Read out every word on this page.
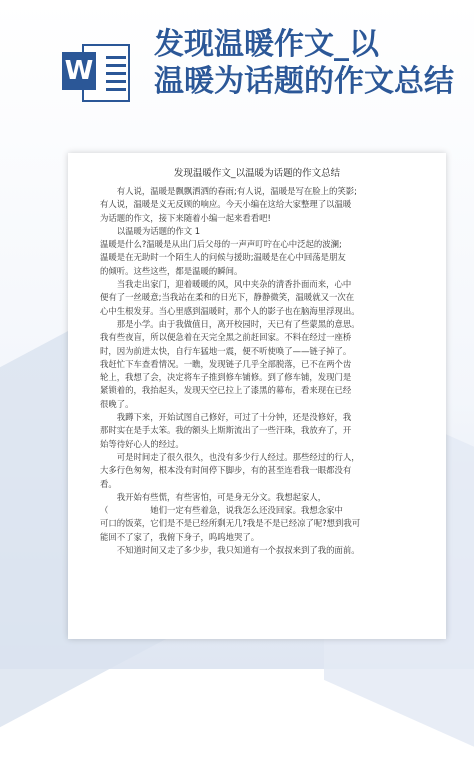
W
发现温暖作文_以
温暖为话题的作文总结
发现温暖作文_以温暖为话题的作文总结
　　有人说，温暖是飘飘洒洒的春雨;有人说，温暖是写在脸上的笑影;
有人说，温暖是义无反顾的响应。今天小编在这给大家整理了以温暖
为话题的作文，接下来随着小编一起来看看吧!
　　以温暖为话题的作文 1
温暖是什么?温暖是从出门后父母的一声声叮咛在心中泛起的波澜;
温暖是在无助时一个陌生人的问候与援助;温暖是在心中回荡是朋友
的倾听。这些这些，都是温暖的瞬间。
　　当我走出家门，迎着暖暖的风，风中夹杂的清香扑面而来，心中
便有了一丝暖意;当我站在柔和的日光下，静静微笑，温暖就又一次在
心中生根发芽。当心里感到温暖时，那个人的影子也在脑海里浮现出。
　　那是小学。由于我做值日，离开校园时，天已有了些蒙黑的意思。
我有些夜盲，所以便急着在天完全黑之前赶回家。不料在经过一座桥
时，因为前进太快，自行车猛地一震，便不听使唤了——链子掉了。
我赶忙下车查看情况。一瞧，发现链子几乎全部脱落，已不在两个齿
轮上，我想了会，决定将车子推到修车铺修。到了修车铺，发现门是
紧锁着的，我抬起头，发现天空已拉上了漆黑的幕布，看来现在已经
很晚了。
　　我蹲下来，开始试图自己修好，可过了十分钟，还是没修好，我
那时实在是手太笨。我的额头上斯斯流出了一些汗珠，我放弃了，开
始等待好心人的经过。
　　可是时间走了很久很久，也没有多少行人经过。那些经过的行人，
大多行色匆匆，根本没有时间停下脚步，有的甚至连看我一眼都没有
看。
　　我开始有些慌，有些害怕，可是身无分文。我想起家人，
（　　　　　她们一定有些着急，说我怎么还没回家。我想念家中
可口的饭菜，它们是不是已经所剩无几?我是不是已经凉了呢?想到我可
能回不了家了，我俯下身子，呜呜地哭了。
　　不知道时间又走了多少步，我只知道有一个叔叔来到了我的面前。
